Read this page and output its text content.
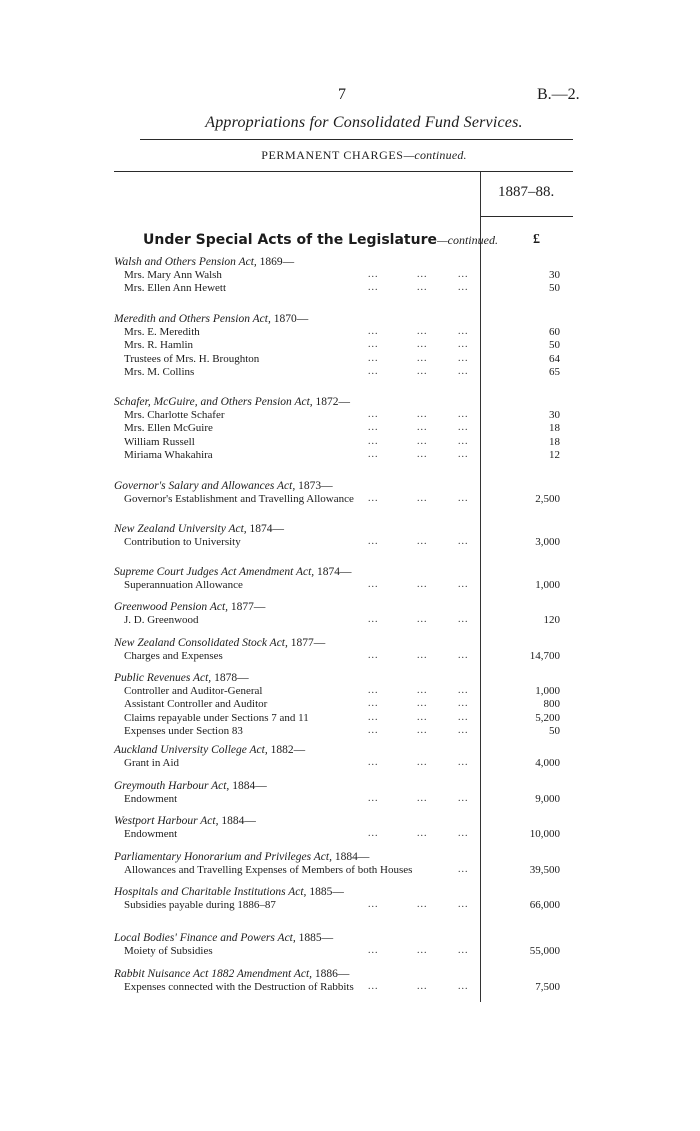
7	B.—2.
Appropriations for Consolidated Fund Services.
PERMANENT CHARGES—continued.
1887–88.
Under Special Acts of the Legislature—continued.	£
Walsh and Others Pension Act, 1869—
Mrs. Mary Ann Walsh	30
Mrs. Ellen Ann Hewett	50
...	...	...
...	...	...
Meredith and Others Pension Act, 1870—
Mrs. E. Meredith	60
Mrs. R. Hamlin	50
Trustees of Mrs. H. Broughton	64
Mrs. M. Collins	65
...	...	...
...	...	...
...	...	...
...	...	...
Schafer, McGuire, and Others Pension Act, 1872—
Mrs. Charlotte Schafer	30
Mrs. Ellen McGuire	18
William Russell	18
Miriama Whakahira	12
...	...	...
...	...	...
...	...	...
...	...	...
Governor's Salary and Allowances Act, 1873—
Governor's Establishment and Travelling Allowance	2,500
...	...	...
New Zealand University Act, 1874—
Contribution to University	3,000
...	...	...
Supreme Court Judges Act Amendment Act, 1874—
Superannuation Allowance	1,000
...	...	...
Greenwood Pension Act, 1877—
J. D. Greenwood	120
...	...	...
New Zealand Consolidated Stock Act, 1877—
Charges and Expenses	14,700
...	...	...
Public Revenues Act, 1878—
Controller and Auditor-General	1,000
Assistant Controller and Auditor	800
Claims repayable under Sections 7 and 11	5,200
Expenses under Section 83	50
...	...	...
...	...	...
...	...	...
...	...	...
Auckland University College Act, 1882—
Grant in Aid	4,000
...	...	...
Greymouth Harbour Act, 1884—
Endowment	9,000
...	...	...
Westport Harbour Act, 1884—
Endowment	10,000
...	...	...
Parliamentary Honorarium and Privileges Act, 1884—
Allowances and Travelling Expenses of Members of both Houses	39,500
...
Hospitals and Charitable Institutions Act, 1885—
Subsidies payable during 1886–87	66,000
...	...	...
Local Bodies' Finance and Powers Act, 1885—
Moiety of Subsidies	55,000
...	...	...
Rabbit Nuisance Act 1882 Amendment Act, 1886—
Expenses connected with the Destruction of Rabbits	7,500
...	...	...
